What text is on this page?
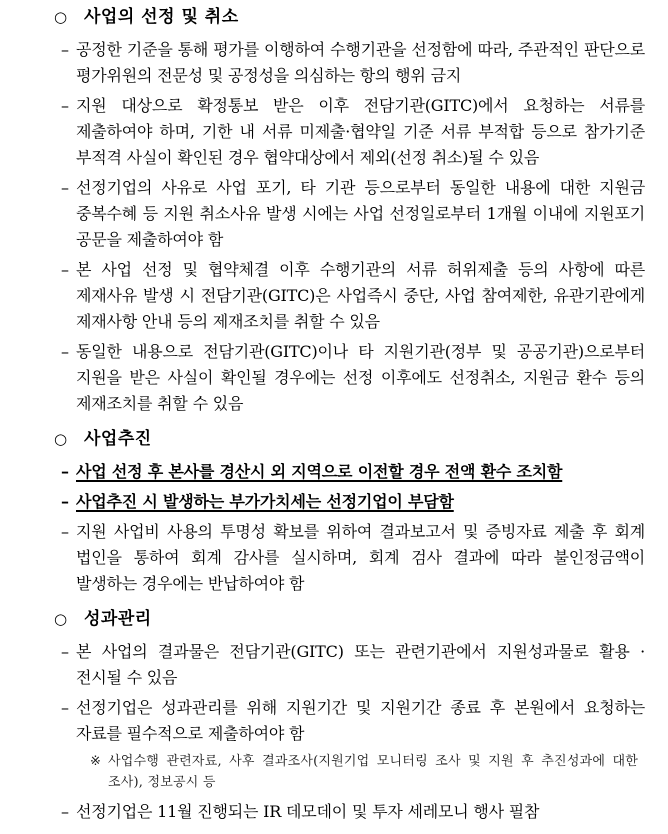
○ 사업의 선정 및 취소
– 공정한 기준을 통해 평가를 이행하여 수행기관을 선정함에 따라, 주관적인 판단으로 평가위원의 전문성 및 공정성을 의심하는 항의 행위 금지
– 지원 대상으로 확정통보 받은 이후 전담기관(GITC)에서 요청하는 서류를 제출하여야 하며, 기한 내 서류 미제출·협약일 기준 서류 부적합 등으로 참가기준 부적격 사실이 확인된 경우 협약대상에서 제외(선정 취소)될 수 있음
– 선정기업의 사유로 사업 포기, 타 기관 등으로부터 동일한 내용에 대한 지원금 중복수혜 등 지원 취소사유 발생 시에는 사업 선정일로부터 1개월 이내에 지원포기 공문을 제출하여야 함
– 본 사업 선정 및 협약체결 이후 수행기관의 서류 허위제출 등의 사항에 따른 제재사유 발생 시 전담기관(GITC)은 사업즉시 중단, 사업 참여제한, 유관기관에게 제재사항 안내 등의 제재조치를 취할 수 있음
– 동일한 내용으로 전담기관(GITC)이나 타 지원기관(정부 및 공공기관)으로부터 지원을 받은 사실이 확인될 경우에는 선정 이후에도 선정취소, 지원금 환수 등의 제재조치를 취할 수 있음
○ 사업추진
– 사업 선정 후 본사를 경산시 외 지역으로 이전할 경우 전액 환수 조치함
– 사업추진 시 발생하는 부가가치세는 선정기업이 부담함
– 지원 사업비 사용의 투명성 확보를 위하여 결과보고서 및 증빙자료 제출 후 회계 법인을 통하여 회계 감사를 실시하며, 회계 검사 결과에 따라 불인정금액이 발생하는 경우에는 반납하여야 함
○ 성과관리
– 본 사업의 결과물은 전담기관(GITC) 또는 관련기관에서 지원성과물로 활용 · 전시될 수 있음
– 선정기업은 성과관리를 위해 지원기간 및 지원기간 종료 후 본원에서 요청하는 자료를 필수적으로 제출하여야 함
※ 사업수행 관련자료, 사후 결과조사(지원기업 모니터링 조사 및 지원 후 추진성과에 대한 조사), 정보공시 등
– 선정기업은 11월 진행되는 IR 데모데이 및 투자 세레모니 행사 필참
